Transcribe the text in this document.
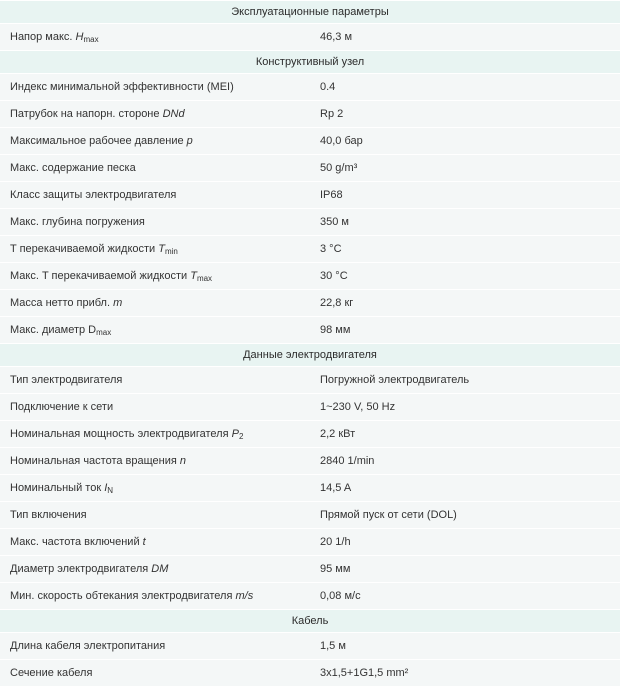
Эксплуатационные параметры	
Напор макс. $H_{max}$	46,3 м
Конструктивный узел	

Индекс минимальной эффективности (MEI)	0.4

Патрубок на напорн. стороне DNd	Rp 2

Максимальное рабочее давление p	40,0 бар

Макс. содержание песка	50 g/m³

Класс защиты электродвигателя	IP68

Макс. глубина погружения	350 м
T перекачиваемой жидкости $T_{min}$	3 °C
Макс. T перекачиваемой жидкости $T_{max}$	30 °C

Масса нетто прибл. m	22,8 кг
Макс. диаметр $D_{max}$	98 мм
Данные электродвигателя	

Тип электродвигателя	Погружной электродвигатель

Подключение к сети	1~230 V, 50 Hz
Номинальная мощность электродвигателя $P_2$	2,2 кВт

Номинальная частота вращения n	2840 1/min
Номинальный ток $I_N$	14,5 A

Тип включения	Прямой пуск от сети (DOL)

Макс. частота включений t	20 1/h

Диаметр электродвигателя DM	95 мм

Мин. скорость обтекания электродвигателя m/s	0,08 м/с
Кабель	

Длина кабеля электропитания	1,5 м

Сечение кабеля	3x1,5+1G1,5 mm²
